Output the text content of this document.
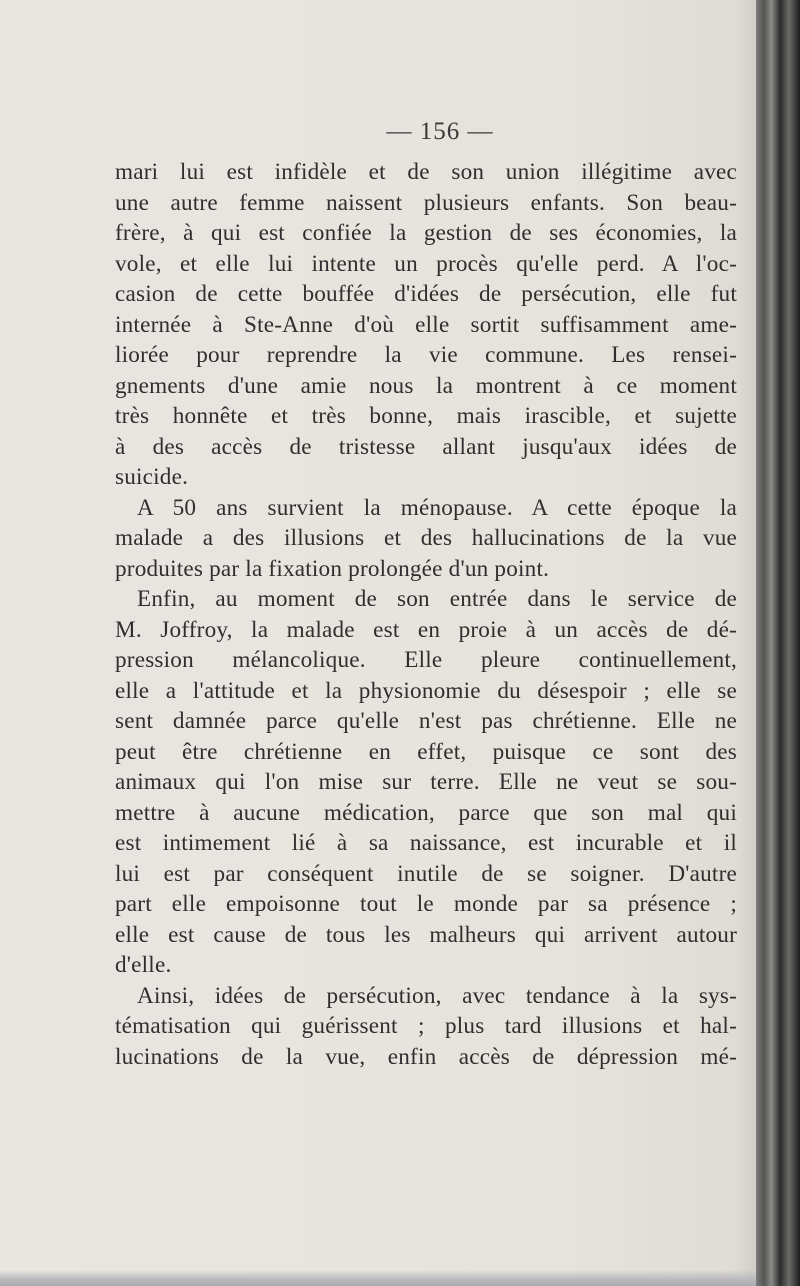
— 156 —
mari lui est infidèle et de son union illégitime avec
une autre femme naissent plusieurs enfants. Son beau-
frère, à qui est confiée la gestion de ses économies, la
vole, et elle lui intente un procès qu'elle perd. A l'oc-
casion de cette bouffée d'idées de persécution, elle fut
internée à Ste-Anne d'où elle sortit suffisamment ame-
liorée pour reprendre la vie commune. Les rensei-
gnements d'une amie nous la montrent à ce moment
très honnête et très bonne, mais irascible, et sujette
à des accès de tristesse allant jusqu'aux idées de
suicide.
A 50 ans survient la ménopause. A cette époque la
malade a des illusions et des hallucinations de la vue
produites par la fixation prolongée d'un point.
Enfin, au moment de son entrée dans le service de
M. Joffroy, la malade est en proie à un accès de dé-
pression mélancolique. Elle pleure continuellement,
elle a l'attitude et la physionomie du désespoir ; elle se
sent damnée parce qu'elle n'est pas chrétienne. Elle ne
peut être chrétienne en effet, puisque ce sont des
animaux qui l'on mise sur terre. Elle ne veut se sou-
mettre à aucune médication, parce que son mal qui
est intimement lié à sa naissance, est incurable et il
lui est par conséquent inutile de se soigner. D'autre
part elle empoisonne tout le monde par sa présence ;
elle est cause de tous les malheurs qui arrivent autour
d'elle.
Ainsi, idées de persécution, avec tendance à la sys-
tématisation qui guérissent ; plus tard illusions et hal-
lucinations de la vue, enfin accès de dépression mé-
